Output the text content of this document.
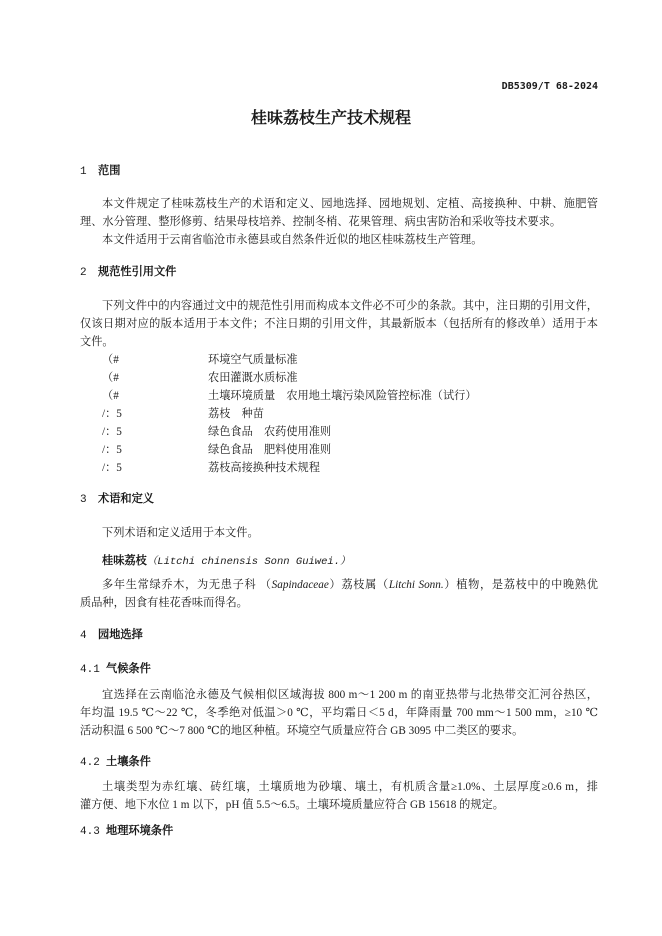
DB5309/T 68-2024
桂味荔枝生产技术规程
1 范围
本文件规定了桂味荔枝生产的术语和定义、园地选择、园地规划、定植、高接换种、中耕、施肥管
理、水分管理、整形修剪、结果母枝培养、控制冬梢、花果管理、病虫害防治和采收等技术要求。
本文件适用于云南省临沧市永德县或自然条件近似的地区桂味荔枝生产管理。
2 规范性引用文件
下列文件中的内容通过文中的规范性引用而构成本文件必不可少的条款。其中，注日期的引用文件，
仅该日期对应的版本适用于本文件；不注日期的引用文件，其最新版本（包括所有的修改单）适用于本
文件。
（#	环境空气质量标准
（#	农田灌溉水质标准
（#	土壤环境质量　农用地土壤污染风险管控标准（试行）
/：5	荔枝　种苗
/：5	绿色食品　农药使用准则
/：5	绿色食品　肥料使用准则
/：5	荔枝高接换种技术规程
3 术语和定义
下列术语和定义适用于本文件。
桂味荔枝（Litchi chinensis Sonn Guiwei.）
多年生常绿乔木，为无患子科 （Sapindaceae）荔枝属（Litchi Sonn.）植物，是荔枝中的中晚熟优
质品种，因食有桂花香味而得名。
4 园地选择
4.1 气候条件
宜选择在云南临沧永德及气候相似区域海拔 800 m～1 200 m 的南亚热带与北热带交汇河谷热区，
年均温 19.5 ℃～22 ℃，冬季绝对低温＞0 ℃，平均霜日＜5 d，年降雨量 700 mm～1 500 mm，≥10 ℃
活动积温 6 500 ℃～7 800 ℃的地区种植。环境空气质量应符合 GB 3095 中二类区的要求。
4.2 土壤条件
土壤类型为赤红壤、砖红壤，土壤质地为砂壤、壤土，有机质含量≥1.0%、土层厚度≥0.6 m，排
灌方便、地下水位 1 m 以下，pH 值 5.5～6.5。土壤环境质量应符合 GB 15618 的规定。
4.3 地理环境条件
